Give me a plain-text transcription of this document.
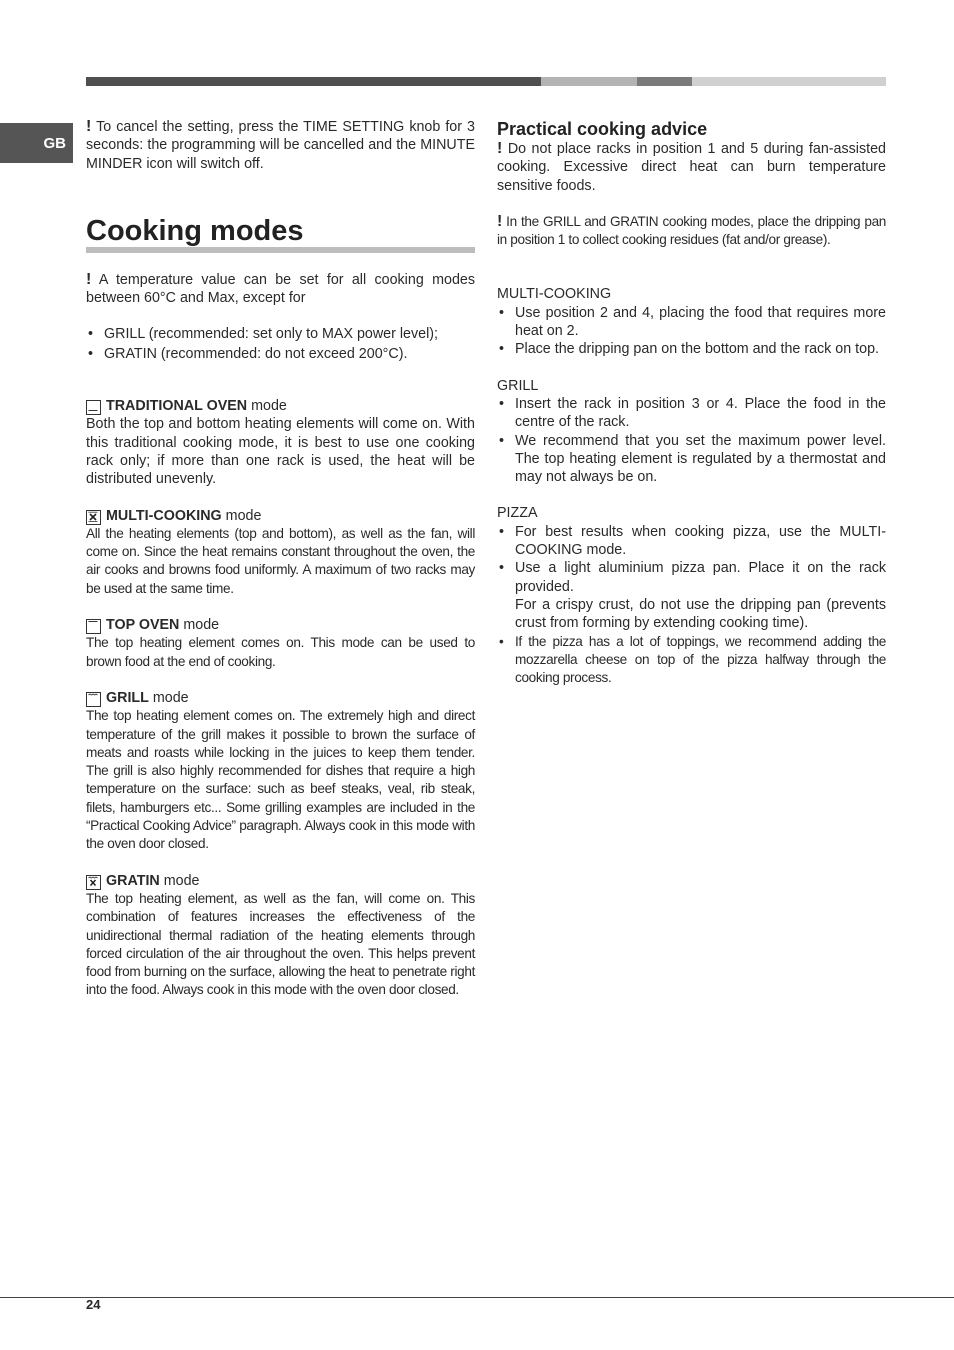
GB

! To cancel the setting, press the TIME SETTING knob for 3 seconds: the programming will be cancelled and the MINUTE MINDER icon will switch off.

Cooking modes

! A temperature value can be set for all cooking modes between 60°C and Max, except for

• GRILL (recommended: set only to MAX power level);
• GRATIN (recommended: do not exceed 200°C).
TRADITIONAL OVEN
mode

Both the top and bottom heating elements will come on. With this traditional cooking mode, it is best to use one cooking rack only; if more than one rack is used, the heat will be distributed unevenly.

MULTI-COOKING
mode

All the heating elements (top and bottom), as well as the fan, will come on. Since the heat remains constant throughout the oven, the air cooks and browns food uniformly. A maximum of two racks may be used at the same time.

TOP OVEN
mode

The top heating element comes on. This mode can be used to brown food at the end of cooking.

GRILL
mode

The top heating element comes on. The extremely high and direct temperature of the grill makes it possible to brown the surface of meats and roasts while locking in the juices to keep them tender. The grill is also highly recommended for dishes that require a high temperature on the surface: such as beef steaks, veal, rib steak, filets, hamburgers etc... Some grilling examples are included in the “Practical Cooking Advice” paragraph. Always cook in this mode with the oven door closed.

GRATIN
mode

The top heating element, as well as the fan, will come on. This combination of features increases the effectiveness of the unidirectional thermal radiation of the heating elements through forced circulation of the air throughout the oven. This helps prevent food from burning on the surface, allowing the heat to penetrate right into the food. Always cook in this mode with the oven door closed.

Practical cooking advice

! Do not place racks in position 1 and 5 during fan-assisted cooking. Excessive direct heat can burn temperature sensitive foods.

! In the GRILL and GRATIN cooking modes, place the dripping pan in position 1 to collect cooking residues (fat and/or grease).

MULTI-COOKING

• Use position 2 and 4, placing the food that requires more heat on 2.
• Place the dripping pan on the bottom and the rack on top.

GRILL

• Insert the rack in position 3 or 4. Place the food in the centre of the rack.
• We recommend that you set the maximum power level. The top heating element is regulated by a thermostat and may not always be on.

PIZZA

• For best results when cooking pizza, use the MULTI-COOKING mode.
• Use a light aluminium pizza pan. Place it on the rack provided.
For a crispy crust, do not use the dripping pan (prevents crust from forming by extending cooking time).
• If the pizza has a lot of toppings, we recommend adding the mozzarella cheese on top of the pizza halfway through the cooking process.
24
